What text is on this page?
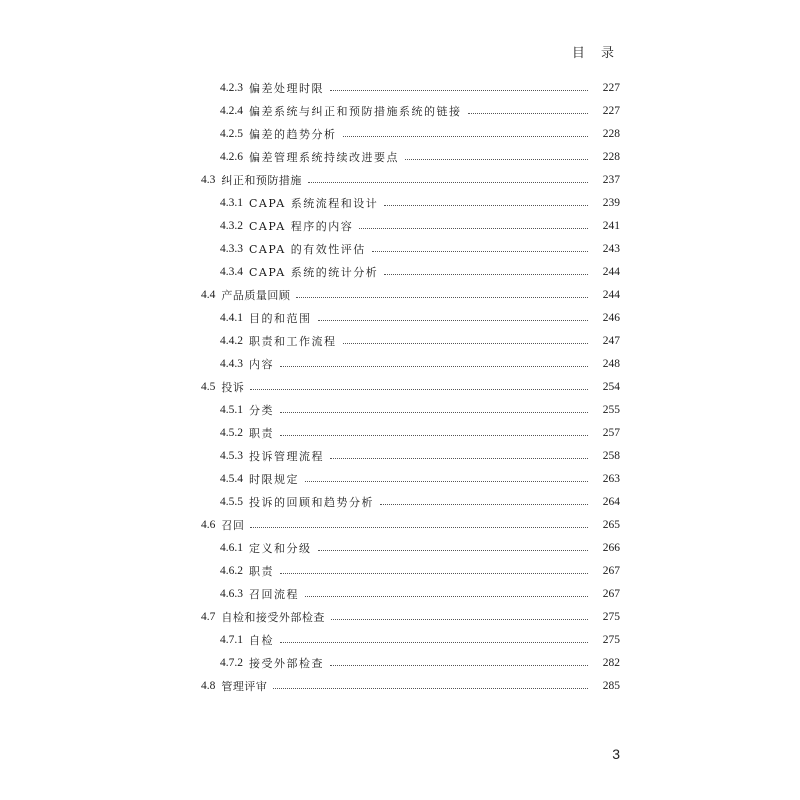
目 录
4.2.3 偏差处理时限	227
4.2.4 偏差系统与纠正和预防措施系统的链接	227
4.2.5 偏差的趋势分析	228
4.2.6 偏差管理系统持续改进要点	228
4.3 纠正和预防措施	237
4.3.1 CAPA 系统流程和设计	239
4.3.2 CAPA 程序的内容	241
4.3.3 CAPA 的有效性评估	243
4.3.4 CAPA 系统的统计分析	244
4.4 产品质量回顾	244
4.4.1 目的和范围	246
4.4.2 职责和工作流程	247
4.4.3 内容	248
4.5 投诉	254
4.5.1 分类	255
4.5.2 职责	257
4.5.3 投诉管理流程	258
4.5.4 时限规定	263
4.5.5 投诉的回顾和趋势分析	264
4.6 召回	265
4.6.1 定义和分级	266
4.6.2 职责	267
4.6.3 召回流程	267
4.7 自检和接受外部检查	275
4.7.1 自检	275
4.7.2 接受外部检查	282
4.8 管理评审	285
3
